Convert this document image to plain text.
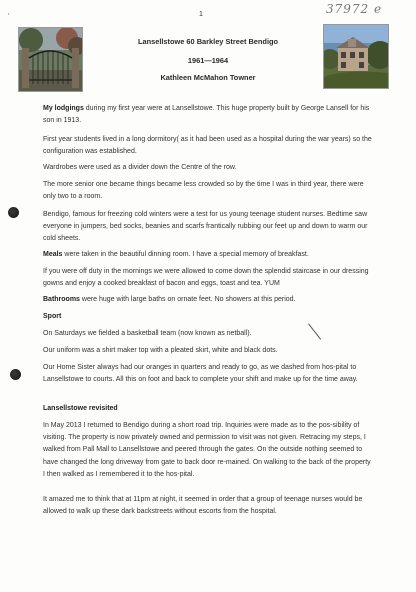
'	1	37972 e
Lansellstowe 60 Barkley Street Bendigo
1961—1964
Kathleen McMahon Towner

My lodgings during my first year were at Lansellstowe. This huge property built by George Lansell for his son in 1913.

First year students lived in a long dormitory( as it had been used as a hospital during the war years) so the configuration was established.

Wardrobes were used as a divider down the Centre of the row.

The more senior one became things became less crowded so by the time I was in third year, there were only two to a room.

Bendigo, famous for freezing cold winters were a test for us young teenage student nurses. Bedtime saw everyone in jumpers, bed socks, beanies and scarfs frantically rubbing our feet up and down to warm our cold sheets.

Meals were taken in the beautiful dinning room. I have a special memory of breakfast.

If you were off duty in the mornings we were allowed to come down the splendid staircase in our dressing gowns and enjoy a cooked breakfast of bacon and eggs, toast and tea. YUM

Bathrooms were huge with large baths on ornate feet. No showers at this period.

Sport

On Saturdays we fielded a basketball team (now known as netball).

Our uniform was a shirt maker top with a pleated skirt, white and black dots.

Our Home Sister always had our oranges in quarters and ready to go, as we dashed from hos-pital to Lansellstowe to courts. All this on foot and back to complete your shift and make up for the time away.

Lansellstowe revisited

In May 2013 I returned to Bendigo during a short road trip. Inquiries were made as to the pos-sibility of visiting. The property is now privately owned and permission to visit was not given. Retracing my steps, I walked from Pall Mall to Lansellstowe and peered through the gates. On the outside nothing seemed to have changed the long driveway from gate to back door re-mained. On walking to the back of the property I then walked as I remembered it to the hos-pital.

It amazed me to think that at 11pm at night, it seemed in order that a group of teenage nurses would be allowed to walk up these dark backstreets without escorts from the hospital.
